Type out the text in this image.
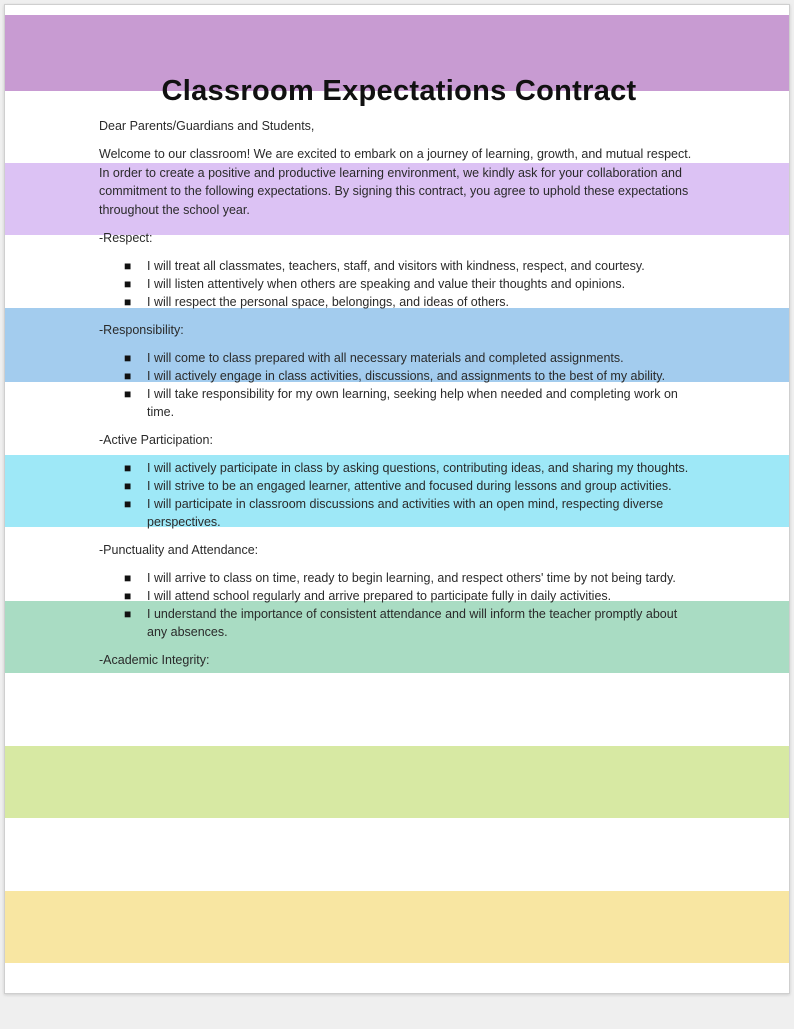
Classroom Expectations Contract

Dear Parents/Guardians and Students,

Welcome to our classroom! We are excited to embark on a journey of learning, growth, and mutual respect. In order to create a positive and productive learning environment, we kindly ask for your collaboration and commitment to the following expectations. By signing this contract, you agree to uphold these expectations throughout the school year.

-Respect:

■ I will treat all classmates, teachers, staff, and visitors with kindness, respect, and courtesy.
■ I will listen attentively when others are speaking and value their thoughts and opinions.
■ I will respect the personal space, belongings, and ideas of others.

-Responsibility:

■ I will come to class prepared with all necessary materials and completed assignments.
■ I will actively engage in class activities, discussions, and assignments to the best of my ability.
■ I will take responsibility for my own learning, seeking help when needed and completing work on time.

-Active Participation:

■ I will actively participate in class by asking questions, contributing ideas, and sharing my thoughts.
■ I will strive to be an engaged learner, attentive and focused during lessons and group activities.
■ I will participate in classroom discussions and activities with an open mind, respecting diverse perspectives.

-Punctuality and Attendance:

■ I will arrive to class on time, ready to begin learning, and respect others' time by not being tardy.
■ I will attend school regularly and arrive prepared to participate fully in daily activities.
■ I understand the importance of consistent attendance and will inform the teacher promptly about any absences.

-Academic Integrity:
